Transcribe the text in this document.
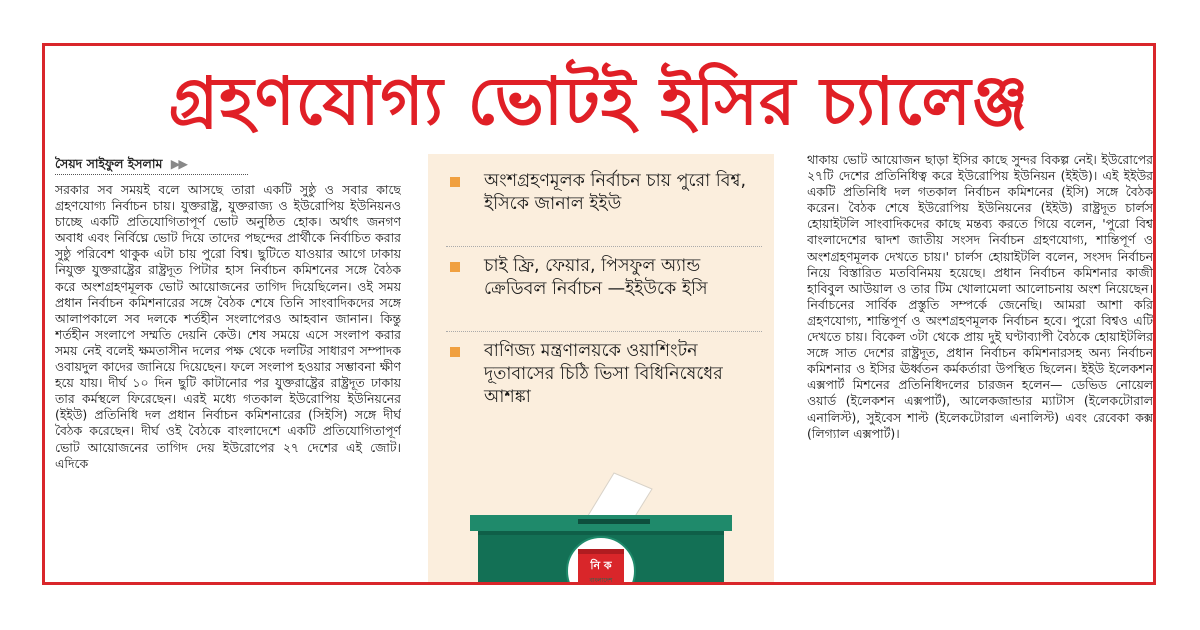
গ্রহণযোগ্য ভোটই ইসির চ্যালেঞ্জ
সৈয়দ সাইফুল ইসলাম ▶▶

সরকার সব সময়ই বলে আসছে তারা একটি সুষ্ঠু ও সবার কাছে গ্রহণযোগ্য নির্বাচন চায়। যুক্তরাষ্ট্র, যুক্তরাজ্য ও ইউরোপিয় ইউনিয়নও চাচ্ছে একটি প্রতিযোগিতাপূর্ণ ভোট অনুষ্ঠিত হোক। অর্থাৎ জনগণ অবাধ এবং নির্বিঘ্নে ভোট দিয়ে তাদের পছন্দের প্রার্থীকে নির্বাচিত করার সুষ্ঠু পরিবেশ থাকুক এটা চায় পুরো বিশ্ব। ছুটিতে যাওয়ার আগে ঢাকায় নিযুক্ত যুক্তরাষ্ট্রের রাষ্ট্রদূত পিটার হাস নির্বাচন কমিশনের সঙ্গে বৈঠক করে অংশগ্রহণমূলক ভোট আয়োজনের তাগিদ দিয়েছিলেন। ওই সময় প্রধান নির্বাচন কমিশনারের সঙ্গে বৈঠক শেষে তিনি সাংবাদিকদের সঙ্গে আলাপকালে সব দলকে শর্তহীন সংলাপেরও আহবান জানান। কিন্তু শর্তহীন সংলাপে সম্মতি দেয়নি কেউ। শেষ সময়ে এসে সংলাপ করার সময় নেই বলেই ক্ষমতাসীন দলের পক্ষ থেকে দলটির সাধারণ সম্পাদক ওবায়দুল কাদের জানিয়ে দিয়েছেন। ফলে সংলাপ হওয়ার সম্ভাবনা ক্ষীণ হয়ে যায়। দীর্ঘ ১০ দিন ছুটি কাটানোর পর যুক্তরাষ্ট্রের রাষ্ট্রদূত ঢাকায় তার কর্মস্থলে ফিরেছেন। এরই মধ্যে গতকাল ইউরোপিয় ইউনিয়নের (ইইউ) প্রতিনিধি দল প্রধান নির্বাচন কমিশনারের (সিইসি) সঙ্গে দীর্ঘ বৈঠক করেছেন। দীর্ঘ ওই বৈঠকে বাংলাদেশে একটি প্রতিযোগিতাপূর্ণ ভোট আয়োজনের তাগিদ দেয় ইউরোপের ২৭ দেশের এই জোট। এদিকে

অংশগ্রহণমূলক নির্বাচন চায় পুরো বিশ্ব, ইসিকে জানাল ইইউ
চাই ফ্রি, ফেয়ার, পিসফুল অ্যান্ড ক্রেডিবল নির্বাচন —ইইউকে ইসি
বাণিজ্য মন্ত্রণালয়কে ওয়াশিংটন দূতাবাসের চিঠি ভিসা বিধিনিষেধের আশঙ্কা
নি ক
বাংলাদেশ

থাকায় ভোট আয়োজন ছাড়া ইসির কাছে সুন্দর বিকল্প নেই। ইউরোপের ২৭টি দেশের প্রতিনিধিত্ব করে ইউরোপিয় ইউনিয়ন (ইইউ)। এই ইইউর একটি প্রতিনিধি দল গতকাল নির্বাচন কমিশনের (ইসি) সঙ্গে বৈঠক করেন। বৈঠক শেষে ইউরোপিয় ইউনিয়নের (ইইউ) রাষ্ট্রদূত চার্লস হোয়াইটলি সাংবাদিকদের কাছে মন্তব্য করতে গিয়ে বলেন, 'পুরো বিশ্ব বাংলাদেশের দ্বাদশ জাতীয় সংসদ নির্বাচন গ্রহণযোগ্য, শান্তিপূর্ণ ও অংশগ্রহণমূলক দেখতে চায়।' চার্লস হোয়াইটলি বলেন, সংসদ নির্বাচন নিয়ে বিস্তারিত মতবিনিময় হয়েছে। প্রধান নির্বাচন কমিশনার কাজী হাবিবুল আউয়াল ও তার টিম খোলামেলা আলোচনায় অংশ নিয়েছেন। নির্বাচনের সার্বিক প্রস্তুতি সম্পর্কে জেনেছি। আমরা আশা করি গ্রহণযোগ্য, শান্তিপূর্ণ ও অংশগ্রহণমূলক নির্বাচন হবে। পুরো বিশ্বও এটি দেখতে চায়। বিকেল ৩টা থেকে প্রায় দুই ঘণ্টাব্যাপী বৈঠকে হোয়াইটলির সঙ্গে সাত দেশের রাষ্ট্রদূত, প্রধান নির্বাচন কমিশনারসহ অন্য নির্বাচন কমিশনার ও ইসির ঊর্ধ্বতন কর্মকর্তারা উপস্থিত ছিলেন। ইইউ ইলেকশন এক্সপার্ট মিশনের প্রতিনিধিদলের চারজন হলেন— ডেভিড নোয়েল ওয়ার্ড (ইলেকশন এক্সপার্ট), আলেকজান্ডার ম্যাটাস (ইলেকটোরাল এনালিস্ট), সুইবেস শাল্ট (ইলেকটোরাল এনালিস্ট) এবং রেবেকা কক্স (লিগ্যাল এক্সপার্ট)।
